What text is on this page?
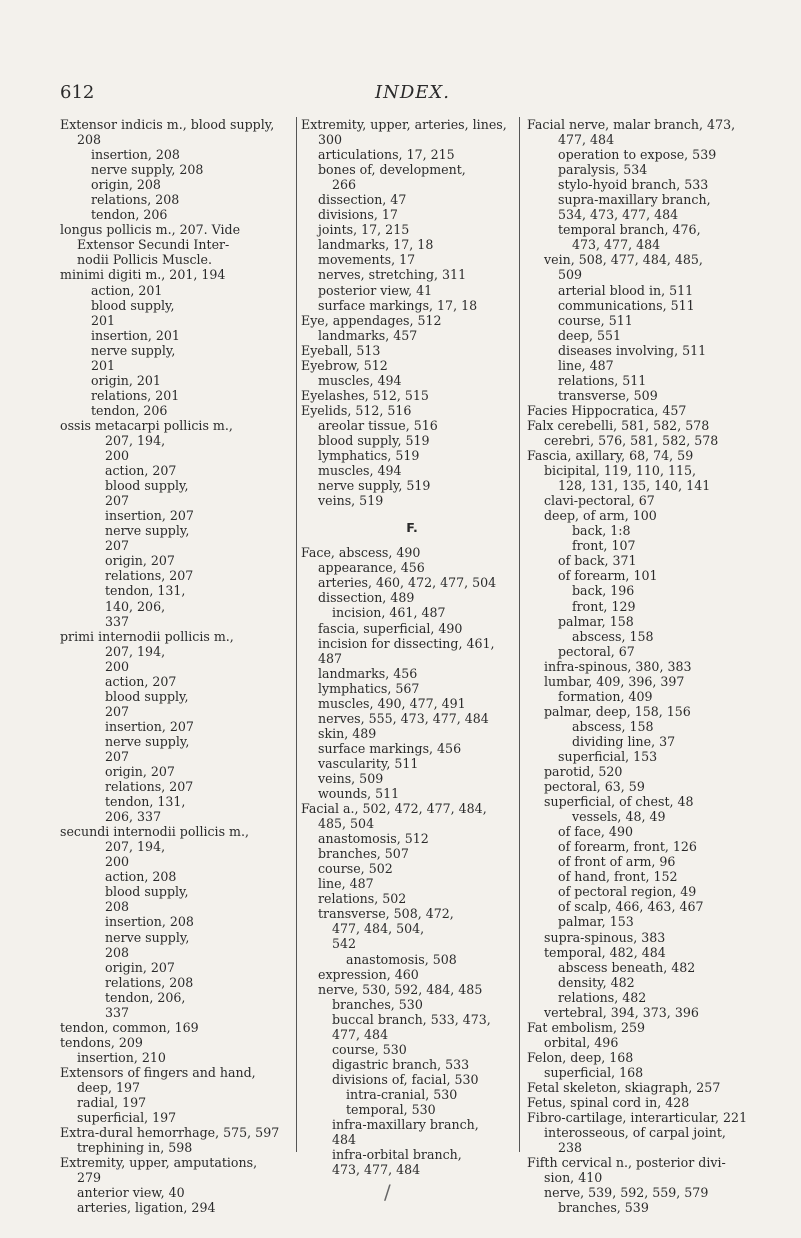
612	INDEX.
Extensor indicis m., blood supply,
208
insertion, 208
nerve supply, 208
origin, 208
relations, 208
tendon, 206
longus pollicis m., 207. Vide
Extensor Secundi Inter-
nodii Pollicis Muscle.
minimi digiti m., 201, 194
action, 201
blood supply,
201
insertion, 201
nerve supply,
201
origin, 201
relations, 201
tendon, 206
ossis metacarpi pollicis m.,
207, 194,
200
action, 207
blood supply,
207
insertion, 207
nerve supply,
207
origin, 207
relations, 207
tendon, 131,
140, 206,
337
primi internodii pollicis m.,
207, 194,
200
action, 207
blood supply,
207
insertion, 207
nerve supply,
207
origin, 207
relations, 207
tendon, 131,
206, 337
secundi internodii pollicis m.,
207, 194,
200
action, 208
blood supply,
208
insertion, 208
nerve supply,
208
origin, 207
relations, 208
tendon, 206,
337
tendon, common, 169
tendons, 209
insertion, 210
Extensors of fingers and hand,
deep, 197
radial, 197
superficial, 197
Extra-dural hemorrhage, 575, 597
trephining in, 598
Extremity, upper, amputations,
279
anterior view, 40
arteries, ligation, 294
Extremity, upper, arteries, lines,
300
articulations, 17, 215
bones of, development,
266
dissection, 47
divisions, 17
joints, 17, 215
landmarks, 17, 18
movements, 17
nerves, stretching, 311
posterior view, 41
surface markings, 17, 18
Eye, appendages, 512
landmarks, 457
Eyeball, 513
Eyebrow, 512
muscles, 494
Eyelashes, 512, 515
Eyelids, 512, 516
areolar tissue, 516
blood supply, 519
lymphatics, 519
muscles, 494
nerve supply, 519
veins, 519
F.
Face, abscess, 490
appearance, 456
arteries, 460, 472, 477, 504
dissection, 489
incision, 461, 487
fascia, superficial, 490
incision for dissecting, 461,
487
landmarks, 456
lymphatics, 567
muscles, 490, 477, 491
nerves, 555, 473, 477, 484
skin, 489
surface markings, 456
vascularity, 511
veins, 509
wounds, 511
Facial a., 502, 472, 477, 484,
485, 504
anastomosis, 512
branches, 507
course, 502
line, 487
relations, 502
transverse, 508, 472,
477, 484, 504,
542
anastomosis, 508
expression, 460
nerve, 530, 592, 484, 485
branches, 530
buccal branch, 533, 473,
477, 484
course, 530
digastric branch, 533
divisions of, facial, 530
intra-cranial, 530
temporal, 530
infra-maxillary branch,
484
infra-orbital branch,
473, 477, 484
Facial nerve, malar branch, 473,
477, 484
operation to expose, 539
paralysis, 534
stylo-hyoid branch, 533
supra-maxillary branch,
534, 473, 477, 484
temporal branch, 476,
473, 477, 484
vein, 508, 477, 484, 485,
509
arterial blood in, 511
communications, 511
course, 511
deep, 551
diseases involving, 511
line, 487
relations, 511
transverse, 509
Facies Hippocratica, 457
Falx cerebelli, 581, 582, 578
cerebri, 576, 581, 582, 578
Fascia, axillary, 68, 74, 59
bicipital, 119, 110, 115,
128, 131, 135, 140, 141
clavi-pectoral, 67
deep, of arm, 100
back, 1:8
front, 107
of back, 371
of forearm, 101
back, 196
front, 129
palmar, 158
abscess, 158
pectoral, 67
infra-spinous, 380, 383
lumbar, 409, 396, 397
formation, 409
palmar, deep, 158, 156
abscess, 158
dividing line, 37
superficial, 153
parotid, 520
pectoral, 63, 59
superficial, of chest, 48
vessels, 48, 49
of face, 490
of forearm, front, 126
of front of arm, 96
of hand, front, 152
of pectoral region, 49
of scalp, 466, 463, 467
palmar, 153
supra-spinous, 383
temporal, 482, 484
abscess beneath, 482
density, 482
relations, 482
vertebral, 394, 373, 396
Fat embolism, 259
orbital, 496
Felon, deep, 168
superficial, 168
Fetal skeleton, skiagraph, 257
Fetus, spinal cord in, 428
Fibro-cartilage, interarticular, 221
interosseous, of carpal joint,
238
Fifth cervical n., posterior divi-
sion, 410
nerve, 539, 592, 559, 579
branches, 539
/
